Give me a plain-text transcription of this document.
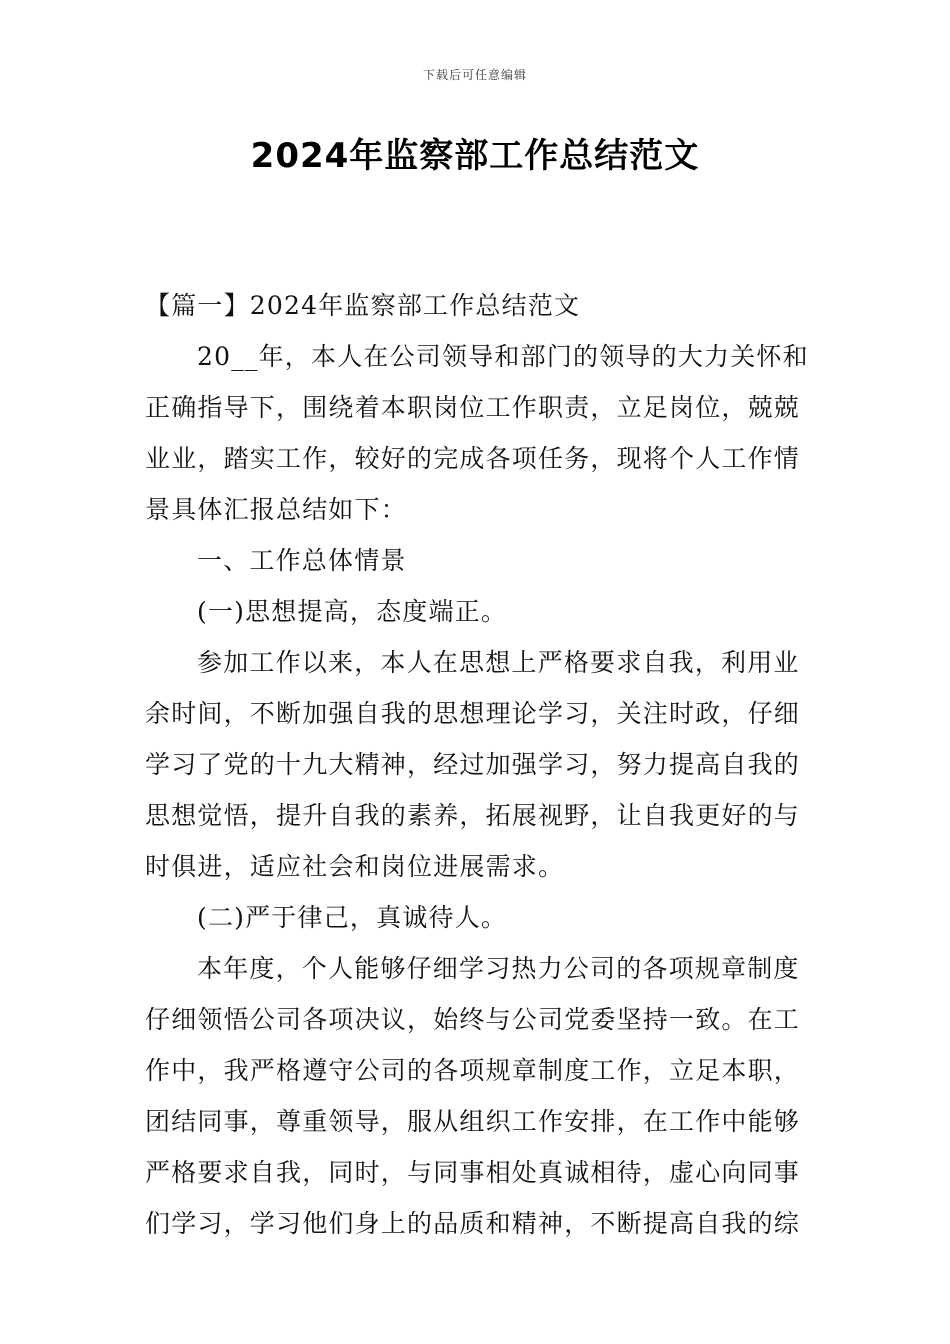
下载后可任意编辑
2024年监察部工作总结范文
【篇一】2024年监察部工作总结范文
20__年，本人在公司领导和部门的领导的大力关怀和
正确指导下，围绕着本职岗位工作职责，立足岗位，兢兢
业业，踏实工作，较好的完成各项任务，现将个人工作情
景具体汇报总结如下：
一、工作总体情景
(一)思想提高，态度端正。
参加工作以来，本人在思想上严格要求自我，利用业
余时间，不断加强自我的思想理论学习，关注时政，仔细
学习了党的十九大精神，经过加强学习，努力提高自我的
思想觉悟，提升自我的素养，拓展视野，让自我更好的与
时俱进，适应社会和岗位进展需求。
(二)严于律己，真诚待人。
本年度，个人能够仔细学习热力公司的各项规章制度
仔细领悟公司各项决议，始终与公司党委坚持一致。在工
作中，我严格遵守公司的各项规章制度工作，立足本职，
团结同事，尊重领导，服从组织工作安排，在工作中能够
严格要求自我，同时，与同事相处真诚相待，虚心向同事
们学习，学习他们身上的品质和精神，不断提高自我的综
